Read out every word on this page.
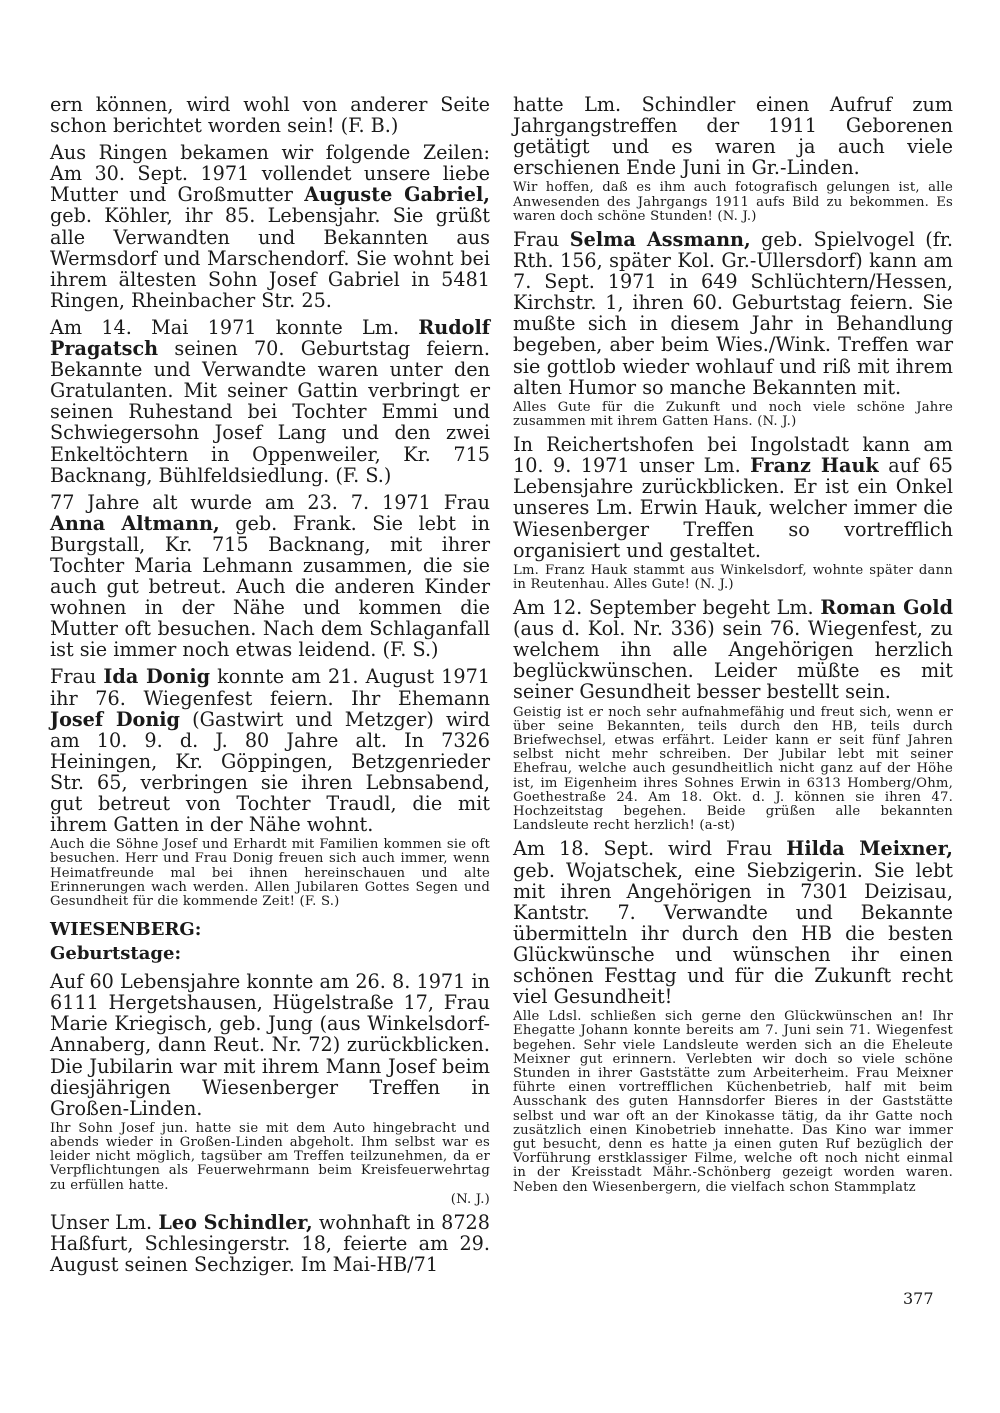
ern können, wird wohl von anderer Seite schon berichtet worden sein! (F. B.)

Aus Ringen bekamen wir folgende Zeilen: Am 30. Sept. 1971 vollendet unsere liebe Mutter und Großmutter Auguste Gabriel, geb. Köhler, ihr 85. Lebensjahr. Sie grüßt alle Verwandten und Bekannten aus Wermsdorf und Marschendorf. Sie wohnt bei ihrem ältesten Sohn Josef Gabriel in 5481 Ringen, Rheinbacher Str. 25.

Am 14. Mai 1971 konnte Lm. Rudolf Pragatsch seinen 70. Geburtstag feiern. Bekannte und Verwandte waren unter den Gratulanten. Mit seiner Gattin verbringt er seinen Ruhestand bei Tochter Emmi und Schwiegersohn Josef Lang und den zwei Enkeltöchtern in Oppenweiler, Kr. 715 Backnang, Bühlfeldsiedlung. (F. S.)

77 Jahre alt wurde am 23. 7. 1971 Frau Anna Altmann, geb. Frank. Sie lebt in Burgstall, Kr. 715 Backnang, mit ihrer Tochter Maria Lehmann zusammen, die sie auch gut betreut. Auch die anderen Kinder wohnen in der Nähe und kommen die Mutter oft besuchen. Nach dem Schlaganfall ist sie immer noch etwas leidend. (F. S.)

Frau Ida Donig konnte am 21. August 1971 ihr 76. Wiegenfest feiern. Ihr Ehemann Josef Donig (Gastwirt und Metzger) wird am 10. 9. d. J. 80 Jahre alt. In 7326 Heiningen, Kr. Göppingen, Betzgenrieder Str. 65, verbringen sie ihren Lebnsabend, gut betreut von Tochter Traudl, die mit ihrem Gatten in der Nähe wohnt.

Auch die Söhne Josef und Erhardt mit Familien kommen sie oft besuchen. Herr und Frau Donig freuen sich auch immer, wenn Heimatfreunde mal bei ihnen hereinschauen und alte Erinnerungen wach werden. Allen Jubilaren Gottes Segen und Gesundheit für die kommende Zeit! (F. S.)

WIESENBERG:
Geburtstage:

Auf 60 Lebensjahre konnte am 26. 8. 1971 in 6111 Hergetshausen, Hügelstraße 17, Frau Marie Kriegisch, geb. Jung (aus Winkelsdorf-Annaberg, dann Reut. Nr. 72) zurückblicken. Die Jubilarin war mit ihrem Mann Josef beim diesjährigen Wiesenberger Treffen in Großen-Linden.

Ihr Sohn Josef jun. hatte sie mit dem Auto hingebracht und abends wieder in Großen-Linden abgeholt. Ihm selbst war es leider nicht möglich, tagsüber am Treffen teilzunehmen, da er Verpflichtungen als Feuerwehrmann beim Kreisfeuerwehrtag zu erfüllen hatte.
(N. J.)

Unser Lm. Leo Schindler, wohnhaft in 8728 Haßfurt, Schlesingerstr. 18, feierte am 29. August seinen Sechziger. Im Mai-HB/71

hatte Lm. Schindler einen Aufruf zum Jahrgangstreffen der 1911 Geborenen getätigt und es waren ja auch viele erschienen Ende Juni in Gr.-Linden.

Wir hoffen, daß es ihm auch fotografisch gelungen ist, alle Anwesenden des Jahrgangs 1911 aufs Bild zu bekommen. Es waren doch schöne Stunden! (N. J.)

Frau Selma Assmann, geb. Spielvogel (fr. Rth. 156, später Kol. Gr.-Ullersdorf) kann am 7. Sept. 1971 in 649 Schlüchtern/Hessen, Kirchstr. 1, ihren 60. Geburtstag feiern. Sie mußte sich in diesem Jahr in Behandlung begeben, aber beim Wies./Wink. Treffen war sie gottlob wieder wohlauf und riß mit ihrem alten Humor so manche Bekannten mit.

Alles Gute für die Zukunft und noch viele schöne Jahre zusammen mit ihrem Gatten Hans. (N. J.)

In Reichertshofen bei Ingolstadt kann am 10. 9. 1971 unser Lm. Franz Hauk auf 65 Lebensjahre zurückblicken. Er ist ein Onkel unseres Lm. Erwin Hauk, welcher immer die Wiesenberger Treffen so vortrefflich organisiert und gestaltet.

Lm. Franz Hauk stammt aus Winkelsdorf, wohnte später dann in Reutenhau. Alles Gute! (N. J.)

Am 12. September begeht Lm. Roman Gold (aus d. Kol. Nr. 336) sein 76. Wiegenfest, zu welchem ihn alle Angehörigen herzlich beglückwünschen. Leider müßte es mit seiner Gesundheit besser bestellt sein.

Geistig ist er noch sehr aufnahmefähig und freut sich, wenn er über seine Bekannten, teils durch den HB, teils durch Briefwechsel, etwas erfährt. Leider kann er seit fünf Jahren selbst nicht mehr schreiben. Der Jubilar lebt mit seiner Ehefrau, welche auch gesundheitlich nicht ganz auf der Höhe ist, im Eigenheim ihres Sohnes Erwin in 6313 Homberg/Ohm, Goethestraße 24. Am 18. Okt. d. J. können sie ihren 47. Hochzeitstag begehen. Beide grüßen alle bekannten Landsleute recht herzlich! (a-st)

Am 18. Sept. wird Frau Hilda Meixner, geb. Wojatschek, eine Siebzigerin. Sie lebt mit ihren Angehörigen in 7301 Deizisau, Kantstr. 7. Verwandte und Bekannte übermitteln ihr durch den HB die besten Glückwünsche und wünschen ihr einen schönen Festtag und für die Zukunft recht viel Gesundheit!

Alle Ldsl. schließen sich gerne den Glückwünschen an! Ihr Ehegatte Johann konnte bereits am 7. Juni sein 71. Wiegenfest begehen. Sehr viele Landsleute werden sich an die Eheleute Meixner gut erinnern. Verlebten wir doch so viele schöne Stunden in ihrer Gaststätte zum Arbeiterheim. Frau Meixner führte einen vortrefflichen Küchenbetrieb, half mit beim Ausschank des guten Hannsdorfer Bieres in der Gaststätte selbst und war oft an der Kinokasse tätig, da ihr Gatte noch zusätzlich einen Kinobetrieb innehatte. Das Kino war immer gut besucht, denn es hatte ja einen guten Ruf bezüglich der Vorführung erstklassiger Filme, welche oft noch nicht einmal in der Kreisstadt Mähr.-Schönberg gezeigt worden waren. Neben den Wiesenbergern, die vielfach schon Stammplatz

377
